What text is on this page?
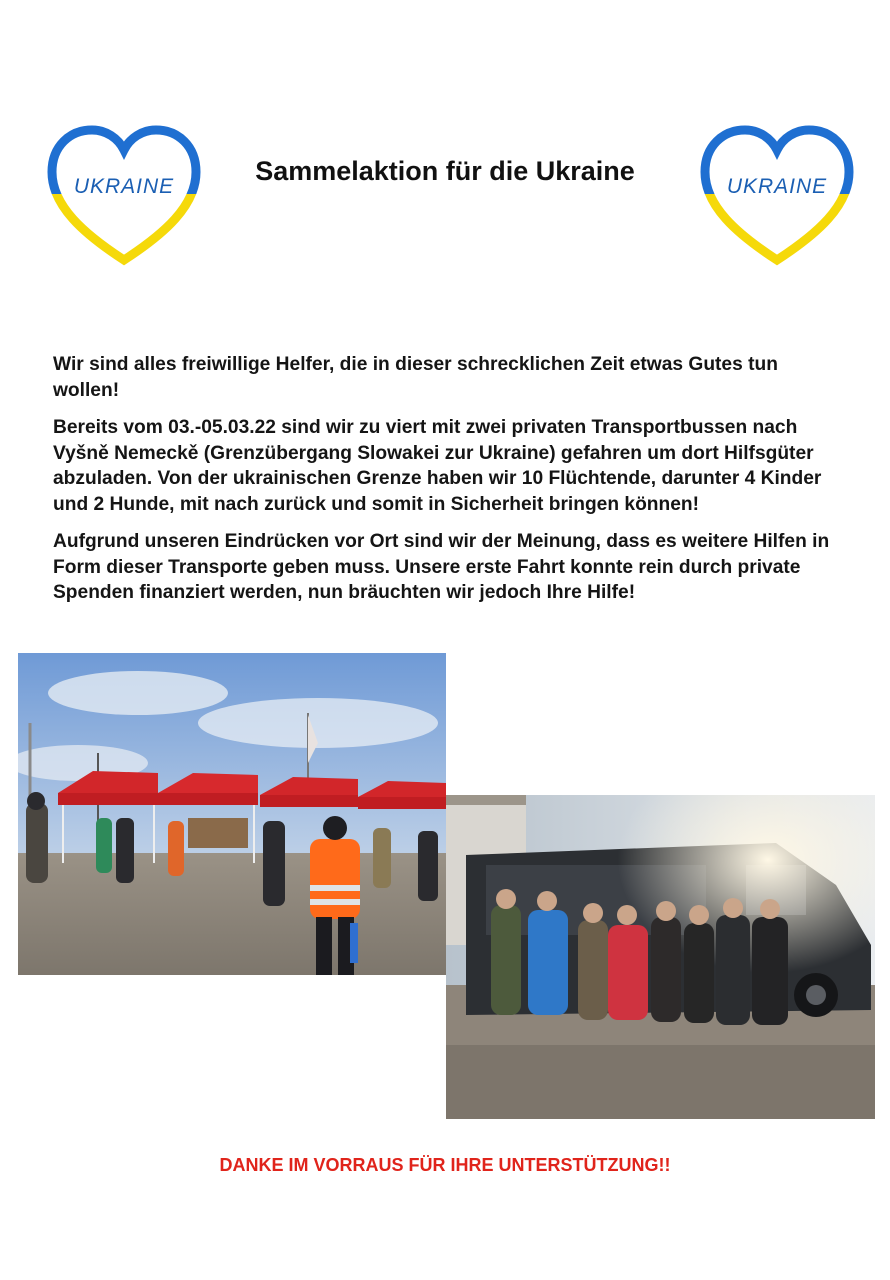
UKRAINE	UKRAINE
Sammelaktion für die Ukraine

Wir sind alles freiwillige Helfer, die in dieser schrecklichen Zeit etwas Gutes tun wollen!

Bereits vom 03.-05.03.22 sind wir zu viert mit zwei privaten Transportbussen nach Vyšně Nemeckě (Grenzübergang Slowakei zur Ukraine) gefahren um dort Hilfsgüter abzuladen. Von der ukrainischen Grenze haben wir 10 Flüchtende, darunter 4 Kinder und 2 Hunde, mit nach zurück und somit in Sicherheit bringen können!

Aufgrund unseren Eindrücken vor Ort sind wir der Meinung, dass es weitere Hilfen in Form dieser Transporte geben muss. Unsere erste Fahrt konnte rein durch private Spenden finanziert werden, nun bräuchten wir jedoch Ihre Hilfe!

DANKE IM VORRAUS FÜR IHRE UNTERSTÜTZUNG!!
